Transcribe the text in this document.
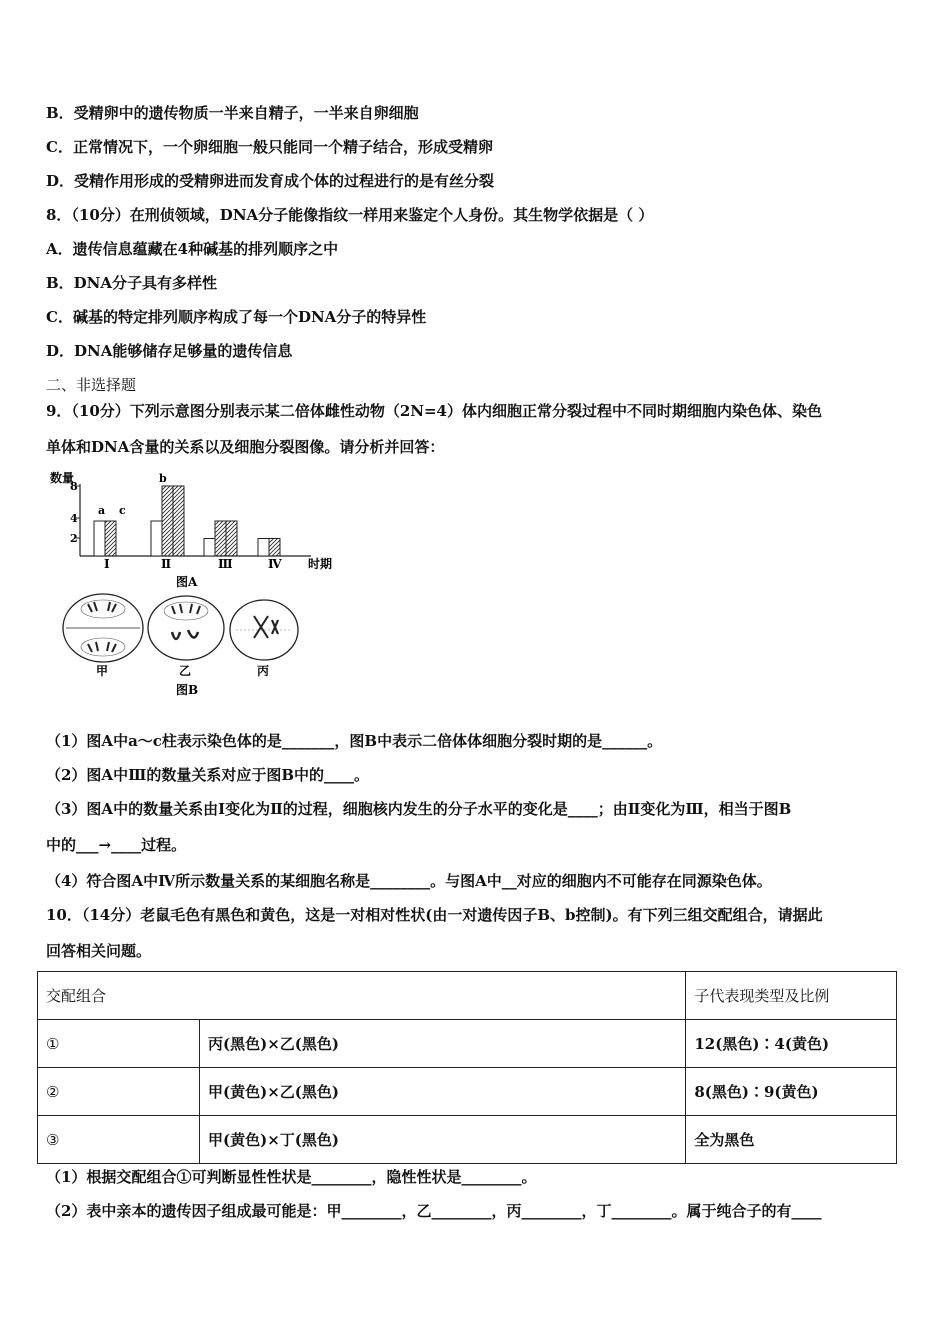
B．受精卵中的遗传物质一半来自精子，一半来自卵细胞
C．正常情况下，一个卵细胞一般只能同一个精子结合，形成受精卵
D．受精作用形成的受精卵进而发育成个体的过程进行的是有丝分裂
8．（10分）在刑侦领域，DNA分子能像指纹一样用来鉴定个人身份。其生物学依据是（ ）
A．遗传信息蕴藏在4种碱基的排列顺序之中
B．DNA分子具有多样性
C．碱基的特定排列顺序构成了每一个DNA分子的特异性
D．DNA能够储存足够量的遗传信息
二、非选择题
9．（10分）下列示意图分别表示某二倍体雌性动物（2N=4）体内细胞正常分裂过程中不同时期细胞内染色体、染色
单体和DNA含量的关系以及细胞分裂图像。请分析并回答：
数量
8
4
2
a c
b
Ⅰ	Ⅱ	Ⅲ	Ⅳ 时期
图A
甲	乙	丙
图B
（1）图A中a～c柱表示染色体的是_______，图B中表示二倍体体细胞分裂时期的是______。
（2）图A中Ⅲ的数量关系对应于图B中的____。
（3）图A中的数量关系由Ⅰ变化为Ⅱ的过程，细胞核内发生的分子水平的变化是____；由Ⅱ变化为Ⅲ，相当于图B
中的___→____过程。
（4）符合图A中Ⅳ所示数量关系的某细胞名称是________。与图A中__对应的细胞内不可能存在同源染色体。
10．（14分）老鼠毛色有黑色和黄色，这是一对相对性状(由一对遗传因子B、b控制)。有下列三组交配组合，请据此
回答相关问题。
交配组合		子代表现类型及比例
①	丙(黑色)×乙(黑色)	12(黑色)∶4(黄色)
②	甲(黄色)×乙(黑色)	8(黑色)∶9(黄色)
③	甲(黄色)×丁(黑色)	全为黑色
（1）根据交配组合①可判断显性性状是________，隐性性状是________。
（2）表中亲本的遗传因子组成最可能是：甲________，乙________，丙________，丁________。属于纯合子的有____
